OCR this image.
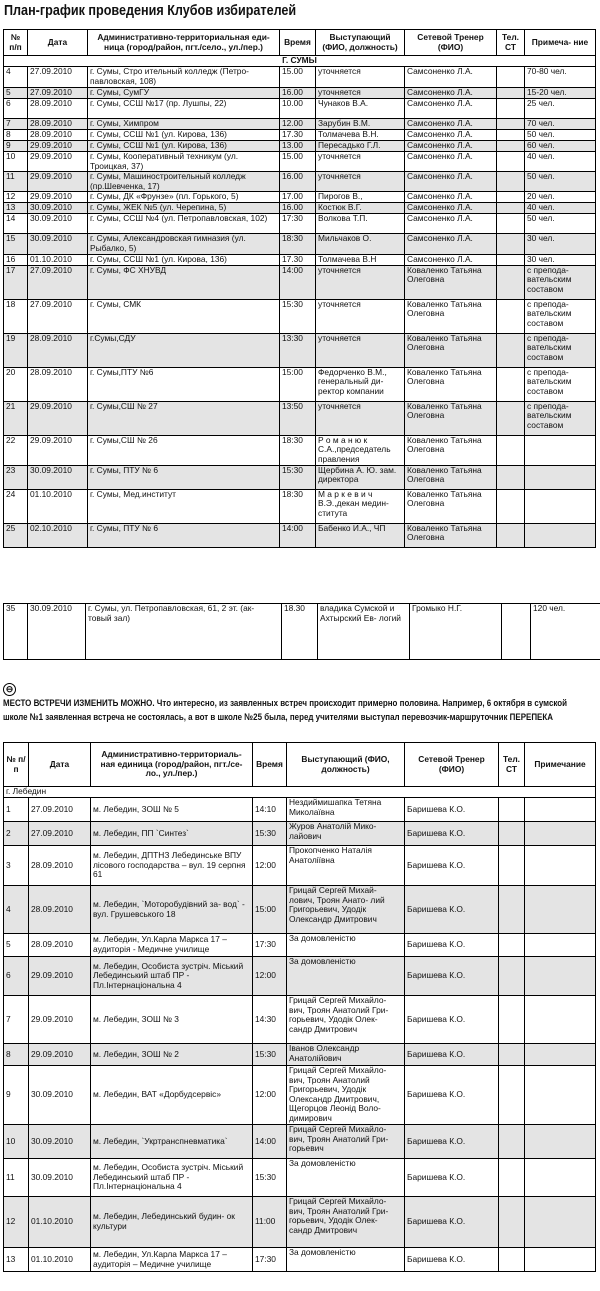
План-график проведения Клубов избирателей
№ п/п	Дата	Административно-территориальная еди- ница (город/район, пгт./село., ул./пер.)	Время	Выступающий (ФИО, должность)	Сетевой Тренер (ФИО)	Тел. СТ	Примеча- ние
Г. СУМЫ							
4	27.09.2010	г. Сумы, Стро ительный колледж (Петро- павловская, 108)	15.00	уточняется	Самсоненко Л.А.		70-80 чел.
5	27.09.2010	г. Сумы, СумГУ	16.00	уточняется	Самсоненко Л.А.		15-20 чел.
6	28.09.2010	г. Сумы, ССШ №17 (пр. Лушпы, 22)	10.00	Чунаков В.А.	Самсоненко Л.А.		25 чел.
7	28.09.2010	г. Сумы, Химпром	12.00	Зарубин В.М.	Самсоненко Л.А.		70 чел.
8	28.09.2010	г. Сумы, ССШ №1 (ул. Кирова, 136)	17.30	Толмачева В.Н.	Самсоненко Л.А.		50 чел.
9	29.09.2010	г. Сумы, ССШ №1 (ул. Кирова, 136)	13.00	Пересадько Г.Л.	Самсоненко Л.А.		60 чел.
10	29.09.2010	г. Сумы, Кооперативный техникум (ул. Троицкая, 37)	15.00	уточняется	Самсоненко Л.А.		40 чел.
11	29.09.2010	г. Сумы, Машиностроительный колледж (пр.Шевченка, 17)	16.00	уточняется	Самсоненко Л.А.		50 чел.
12	29.09.2010	г. Сумы, ДК «Фрунзе» (пл. Горького, 5)	17.00	Пирогов В.,	Самсоненко Л.А.		20 чел.
13	30.09.2010	г. Сумы, ЖЕК №5 (ул. Черепина, 5)	16.00	Костюк В.Г.	Самсоненко Л.А.		40 чел.
14	30.09.2010	г. Сумы, ССШ №4 (ул. Петропавловская, 102)	17:30	Волкова Т.П.	Самсоненко Л.А.		50 чел.
15	30.09.2010	г. Сумы, Александровская гимназия (ул. Рыбалко, 5)	18:30	Мильчаков О.	Самсоненко Л.А.		30 чел.
16	01.10.2010	г. Сумы, ССШ №1 (ул. Кирова, 136)	17.30	Толмачева В.Н	Самсоненко Л.А.		30 чел.
17	27.09.2010	г. Сумы, ФС ХНУВД	14:00	уточняется	Коваленко Татьяна Олеговна		с препода- вательским составом
18	27.09.2010	г. Сумы, СМК	15:30	уточняется	Коваленко Татьяна Олеговна		с препода- вательским составом
19	28.09.2010	г.Сумы,СДУ	13:30	уточняется	Коваленко Татьяна Олеговна		с препода- вательским составом
20	28.09.2010	г. Сумы,ПТУ №6	15:00	Федорченко В.М., генеральный ди- ректор компании	Коваленко Татьяна Олеговна		с препода- вательским составом
21	29.09.2010	г. Сумы,СШ № 27	13:50	уточняется	Коваленко Татьяна Олеговна		с препода- вательским составом
22	29.09.2010	г. Сумы,СШ № 26	18:30	Р о м а н ю к С.А.,председатель правления	Коваленко Татьяна Олеговна		
23	30.09.2010	г. Сумы, ПТУ № 6	15:30	Щербина А. Ю. зам. директора	Коваленко Татьяна Олеговна		
24	01.10.2010	г. Сумы, Мед.институт	18:30	М а р к е в и ч В.Э.,декан медин- ститута	Коваленко Татьяна Олеговна		
25	02.10.2010	г. Сумы, ПТУ № 6	14:00	Бабенко И.А., ЧП	Коваленко Татьяна Олеговна		
35	30.09.2010	г. Сумы, ул. Петропавловская, 61, 2 эт. (ак- товый зал)	18.30	владика Сумской и Ахтырский Ев- логий	Громыко Н.Г.		120 чел.
⊖МЕСТО ВСТРЕЧИ ИЗМЕНИТЬ МОЖНО. Что интересно, из заявленных встреч происходит примерно половина. Например, 6 октября в сумской школе №1 заявленная встреча не состоялась, а вот в школе №25 была, перед учителями выступал перевозчик-маршруточник ПЕРЕПЕКА
№ п/п	Дата	Административно-территориаль- ная единица (город/район, пгт./се- ло., ул./пер.)	Время	Выступающий (ФИО, должность)	Сетевой Тренер (ФИО)	Тел. СТ	Примечание
г. Лебедин							
1	27.09.2010	м. Лебедин, ЗОШ № 5	14:10	Нездиймишапка Тетяна Миколаївна	Баришева К.О.		
2	27.09.2010	м. Лебедин, ПП `Синтез`	15:30	Журов Анатолій Мико- лайович	Баришева К.О.		
3	28.09.2010	м. Лебедин, ДПТНЗ Лебединське ВПУ лісового господарства – вул. 19 серпня 61	12:00	Прокопченко Наталія Анатоліївна	Баришева К.О.		
4	28.09.2010	м. Лебедин, `Моторобудівний за- вод` - вул. Грушевського 18	15:00	Грицай Сергей Михай- лович, Троян Анато- лий Григорьевич, Удодік Олександр Дмитрович	Баришева К.О.		
5	28.09.2010	м. Лебедин, Ул.Карла Маркса 17 – аудиторія - Медичне училище	17:30	За домовленістю	Баришева К.О.		
6	29.09.2010	м. Лебедин, Особиста зустріч. Міський Лебединський штаб ПР - Пл.Інтернаціональна 4	12:00	За домовленістю	Баришева К.О.		
7	29.09.2010	м. Лебедин, ЗОШ № 3	14:30	Грицай Сергей Михайло- вич, Троян Анатолий Гри- горьевич, Удодік Олек- сандр Дмитрович	Баришева К.О.		
8	29.09.2010	м. Лебедин, ЗОШ № 2	15:30	Іванов Олександр Анатолійович	Баришева К.О.		
9	30.09.2010	м. Лебедин, ВАТ «Дорбудсервіс»	12:00	Грицай Сергей Михайло- вич, Троян Анатолий Григорьевич, Удодік Олександр Дмитрович, Щегорцов Леонід Воло- димирович	Баришева К.О.		
10	30.09.2010	м. Лебедин, `Укртранспневматика`	14:00	Грицай Сергей Михайло- вич, Троян Анатолий Гри- горьевич	Баришева К.О.		
11	30.09.2010	м. Лебедин, Особиста зустріч. Міський Лебединський штаб ПР - Пл.Інтернаціональна 4	15:30	За домовленістю	Баришева К.О.		
12	01.10.2010	м. Лебедин, Лебединський будин- ок культури	11:00	Грицай Сергей Михайло- вич, Троян Анатолий Гри- горьевич, Удодік Олек- сандр Дмитрович	Баришева К.О.		
13	01.10.2010	м. Лебедин, Ул.Карла Маркса 17 – аудиторія – Медичне училище	17:30	За домовленістю	Баришева К.О.		
